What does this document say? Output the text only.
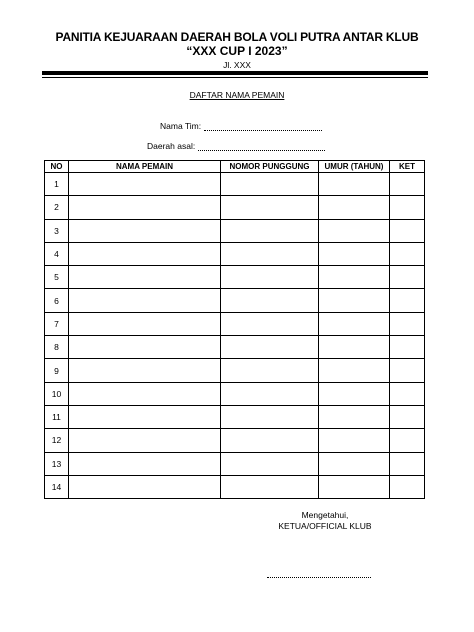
PANITIA KEJUARAAN DAERAH BOLA VOLI PUTRA ANTAR KLUB
“XXX CUP I 2023”
Jl. XXX
DAFTAR NAMA PEMAIN
Nama Tim:
Daerah asal:
NO	NAMA PEMAIN	NOMOR PUNGGUNG	UMUR (TAHUN)	KET
1				
2				
3				
4				
5				
6				
7				
8				
9				
10				
11				
12				
13				
14				
Mengetahui,
KETUA/OFFICIAL KLUB
